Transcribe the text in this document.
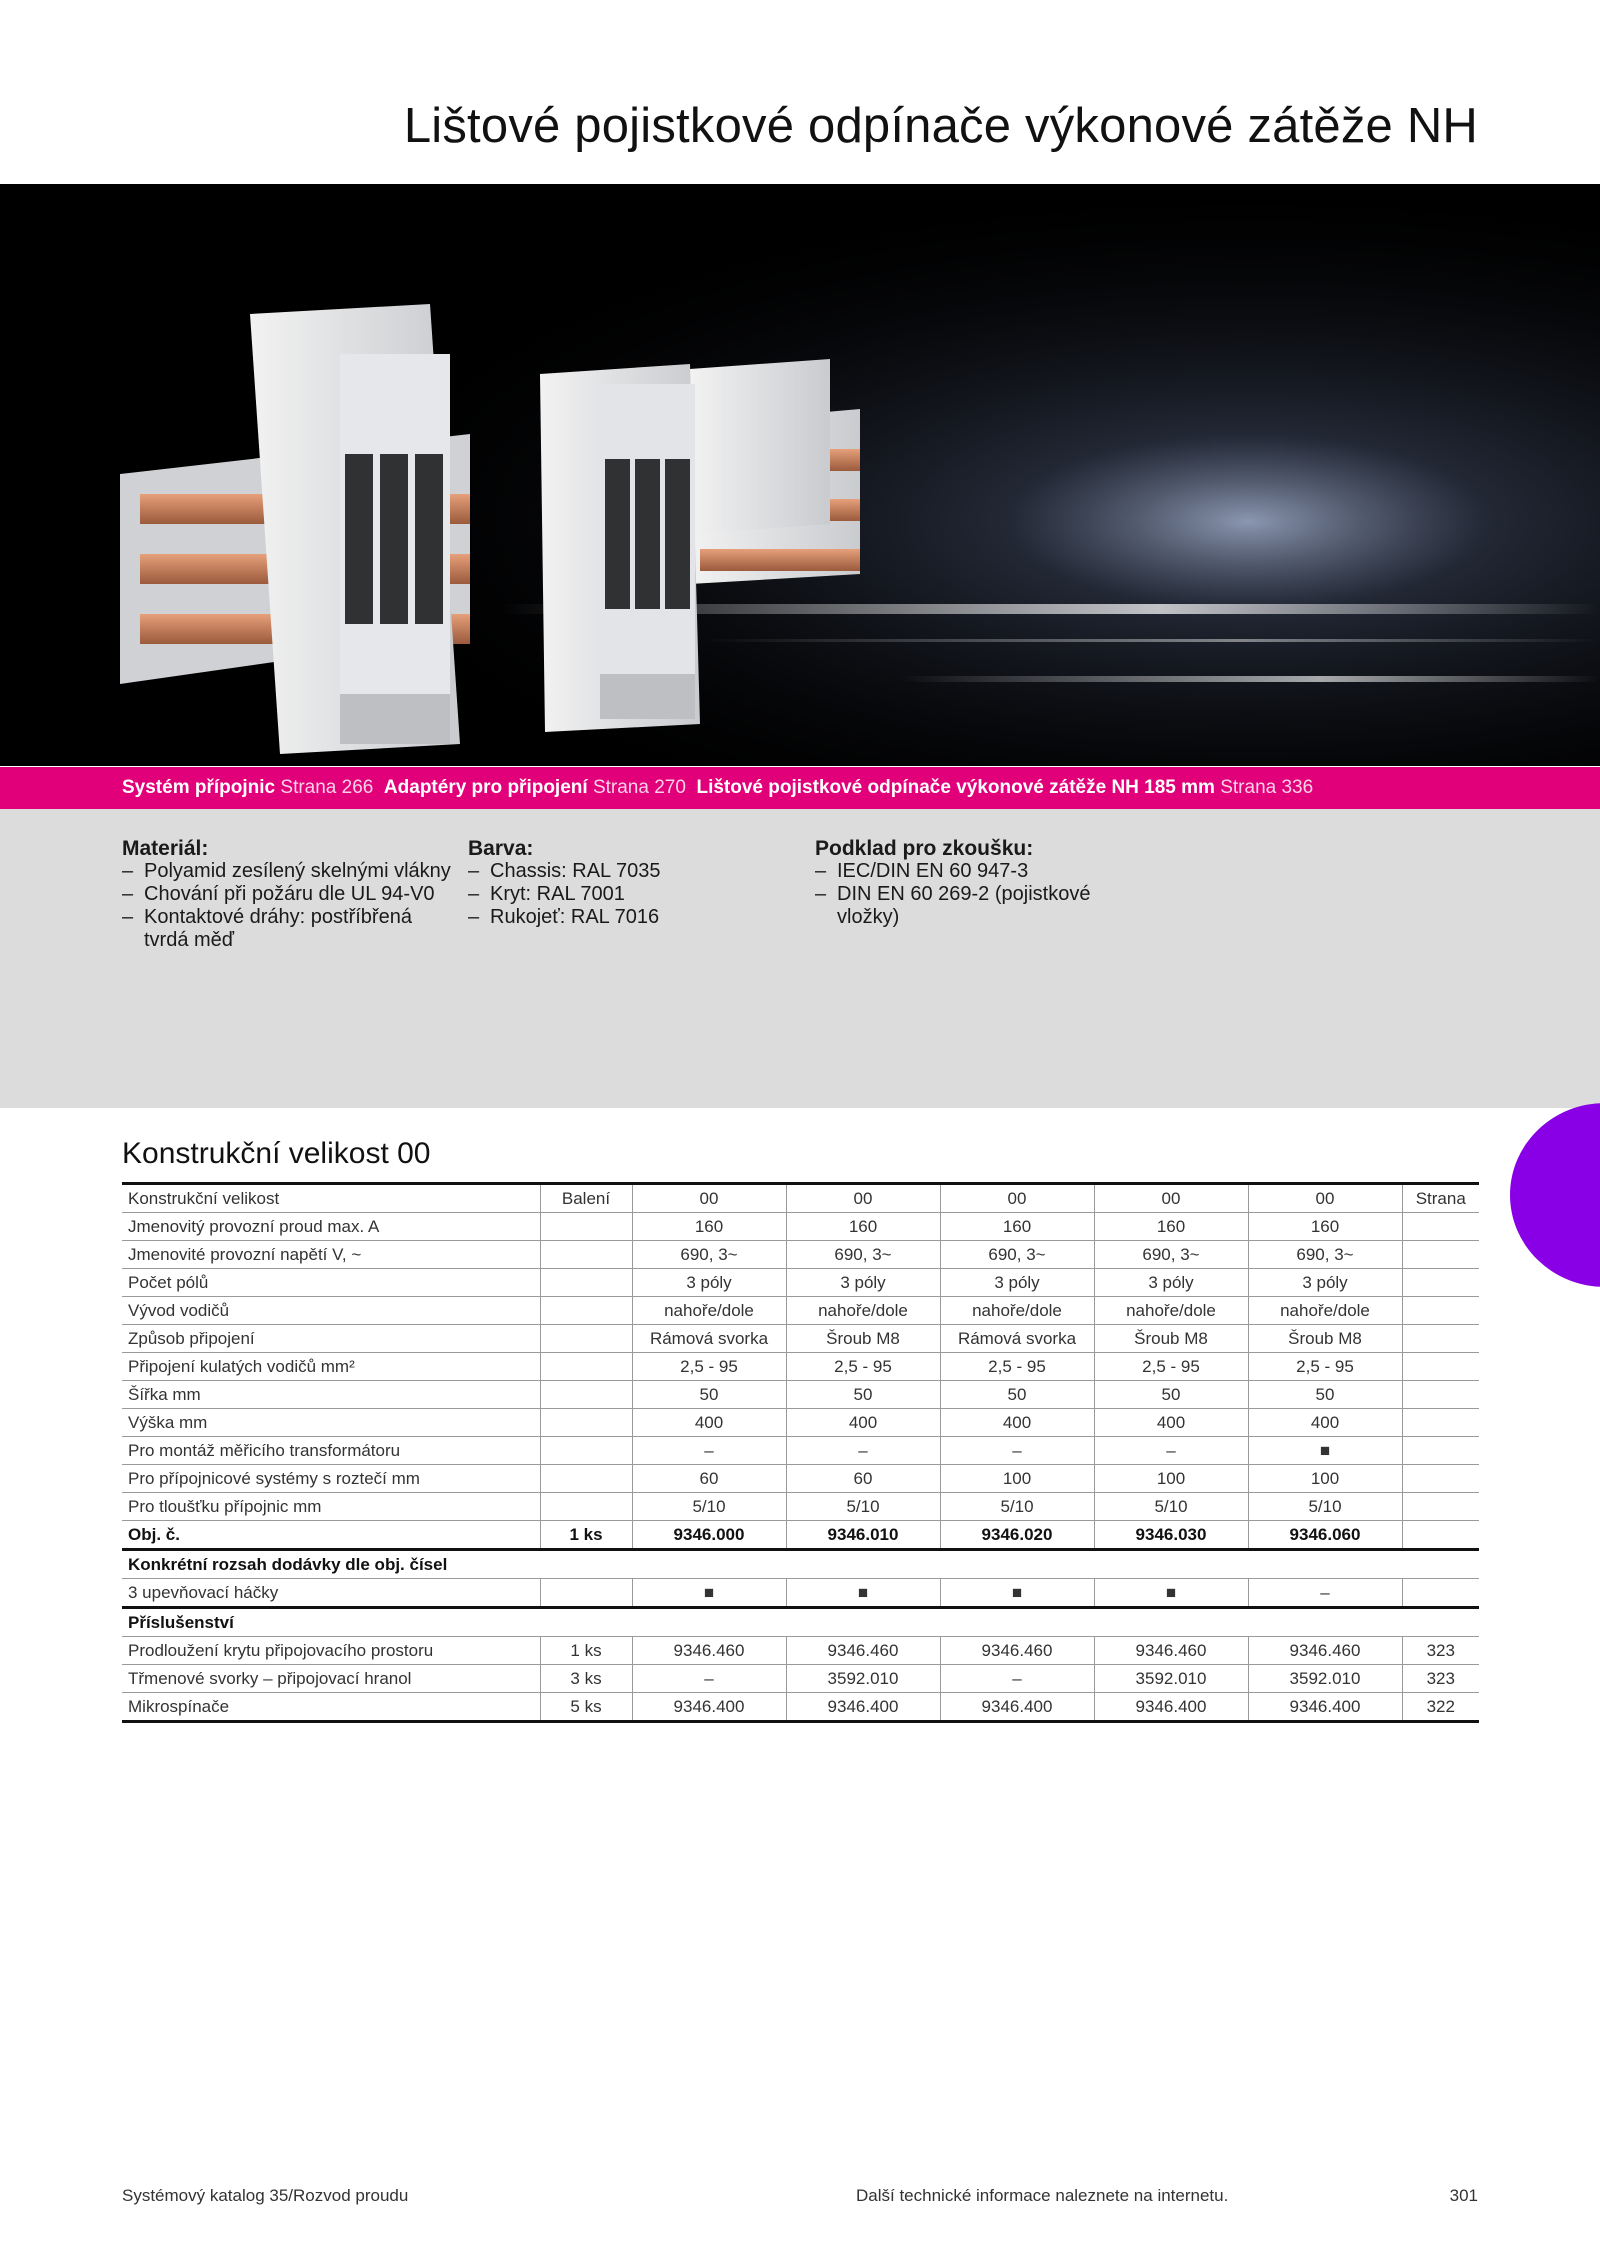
Lištové pojistkové odpínače výkonové zátěže NH
Systém přípojnic Strana 266 Adaptéry pro připojení Strana 270 Lištové pojistkové odpínače výkonové zátěže NH 185 mm Strana 336
Materiál:
– Polyamid zesílený skelnými vlákny
– Chování při požáru dle UL 94-V0
– Kontaktové dráhy: postříbřená tvrdá měď
Barva:
– Chassis: RAL 7035
– Kryt: RAL 7001
– Rukojeť: RAL 7016
Podklad pro zkoušku:
– IEC/DIN EN 60 947-3
– DIN EN 60 269-2 (pojistkové vložky)
Konstrukční velikost 00
Konstrukční velikost	Balení	00	00	00	00	00	Strana
Jmenovitý provozní proud max. A		160	160	160	160	160	
Jmenovité provozní napětí V, ~		690, 3~	690, 3~	690, 3~	690, 3~	690, 3~	
Počet pólů		3 póly	3 póly	3 póly	3 póly	3 póly	
Vývod vodičů		nahoře/dole	nahoře/dole	nahoře/dole	nahoře/dole	nahoře/dole	
Způsob připojení		Rámová svorka	Šroub M8	Rámová svorka	Šroub M8	Šroub M8	
Připojení kulatých vodičů mm²		2,5 - 95	2,5 - 95	2,5 - 95	2,5 - 95	2,5 - 95	
Šířka mm		50	50	50	50	50	
Výška mm		400	400	400	400	400	
Pro montáž měřicího transformátoru		–	–	–	–	■	
Pro přípojnicové systémy s roztečí mm		60	60	100	100	100	
Pro tloušťku přípojnic mm		5/10	5/10	5/10	5/10	5/10	
Obj. č.	1 ks	9346.000	9346.010	9346.020	9346.030	9346.060	
Konkrétní rozsah dodávky dle obj. čísel							
3 upevňovací háčky		■	■	■	■	–	
Příslušenství							
Prodloužení krytu připojovacího prostoru	1 ks	9346.460	9346.460	9346.460	9346.460	9346.460	323
Třmenové svorky – připojovací hranol	3 ks	–	3592.010	–	3592.010	3592.010	323
Mikrospínače	5 ks	9346.400	9346.400	9346.400	9346.400	9346.400	322
Systémový katalog 35/Rozvod proudu	Další technické informace naleznete na internetu.	301
